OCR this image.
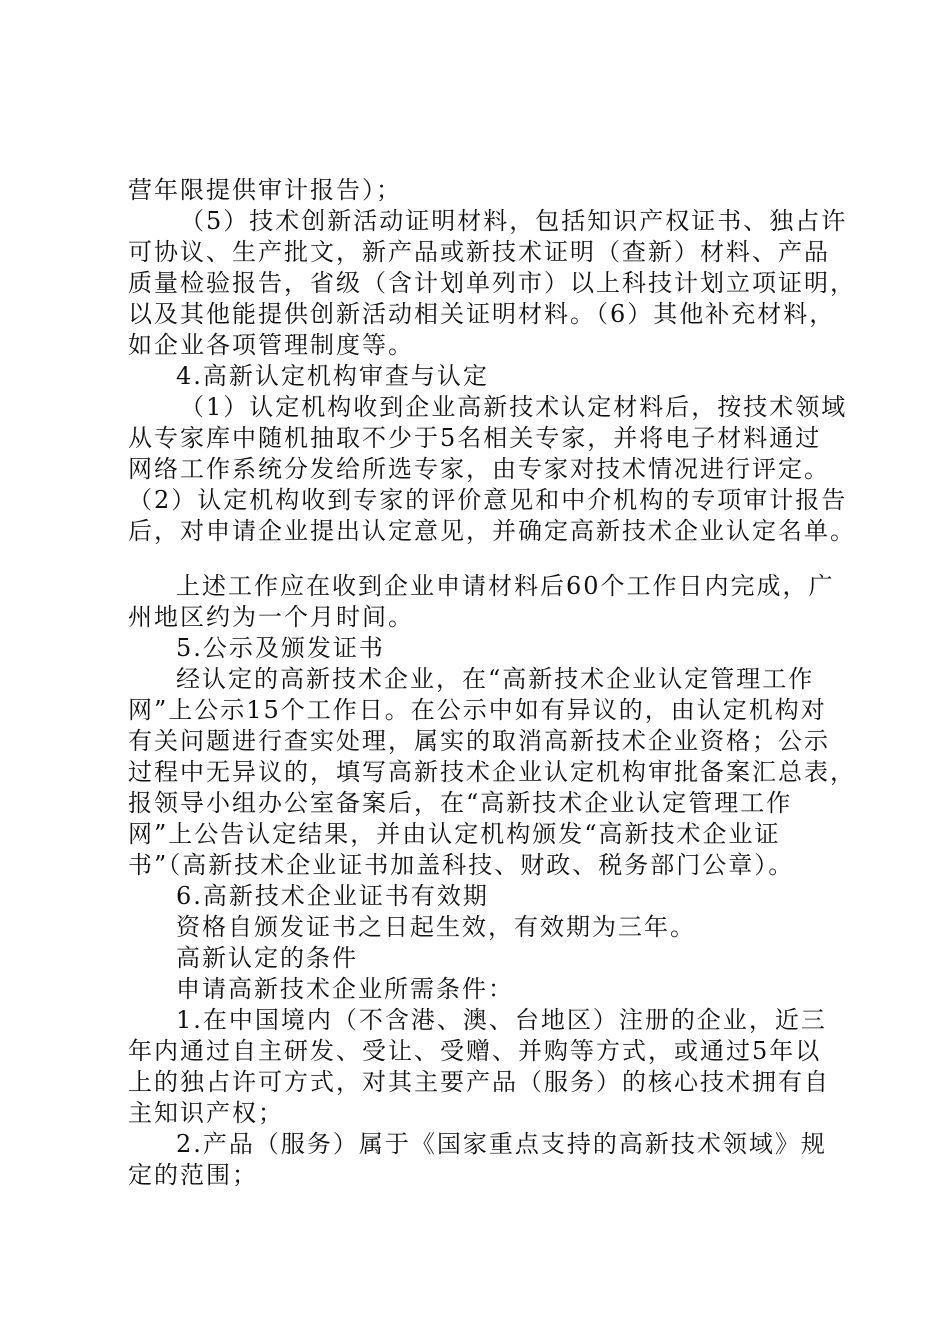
营年限提供审计报告）；
（5）技术创新活动证明材料，包括知识产权证书、独占许
可协议、生产批文，新产品或新技术证明（查新）材料、产品
质量检验报告，省级（含计划单列市）以上科技计划立项证明，
以及其他能提供创新活动相关证明材料。（6）其他补充材料，
如企业各项管理制度等。
4.高新认定机构审查与认定
（1）认定机构收到企业高新技术认定材料后，按技术领域
从专家库中随机抽取不少于5名相关专家，并将电子材料通过
网络工作系统分发给所选专家，由专家对技术情况进行评定。
（2）认定机构收到专家的评价意见和中介机构的专项审计报告
后，对申请企业提出认定意见，并确定高新技术企业认定名单。
上述工作应在收到企业申请材料后60个工作日内完成，广
州地区约为一个月时间。
5.公示及颁发证书
经认定的高新技术企业，在“高新技术企业认定管理工作
网”上公示15个工作日。在公示中如有异议的，由认定机构对
有关问题进行查实处理，属实的取消高新技术企业资格；公示
过程中无异议的，填写高新技术企业认定机构审批备案汇总表，
报领导小组办公室备案后，在“高新技术企业认定管理工作
网”上公告认定结果，并由认定机构颁发“高新技术企业证
书”（高新技术企业证书加盖科技、财政、税务部门公章）。
6.高新技术企业证书有效期
资格自颁发证书之日起生效，有效期为三年。
高新认定的条件
申请高新技术企业所需条件：
1.在中国境内（不含港、澳、台地区）注册的企业，近三
年内通过自主研发、受让、受赠、并购等方式，或通过5年以
上的独占许可方式，对其主要产品（服务）的核心技术拥有自
主知识产权；
2.产品（服务）属于《国家重点支持的高新技术领域》规
定的范围；
